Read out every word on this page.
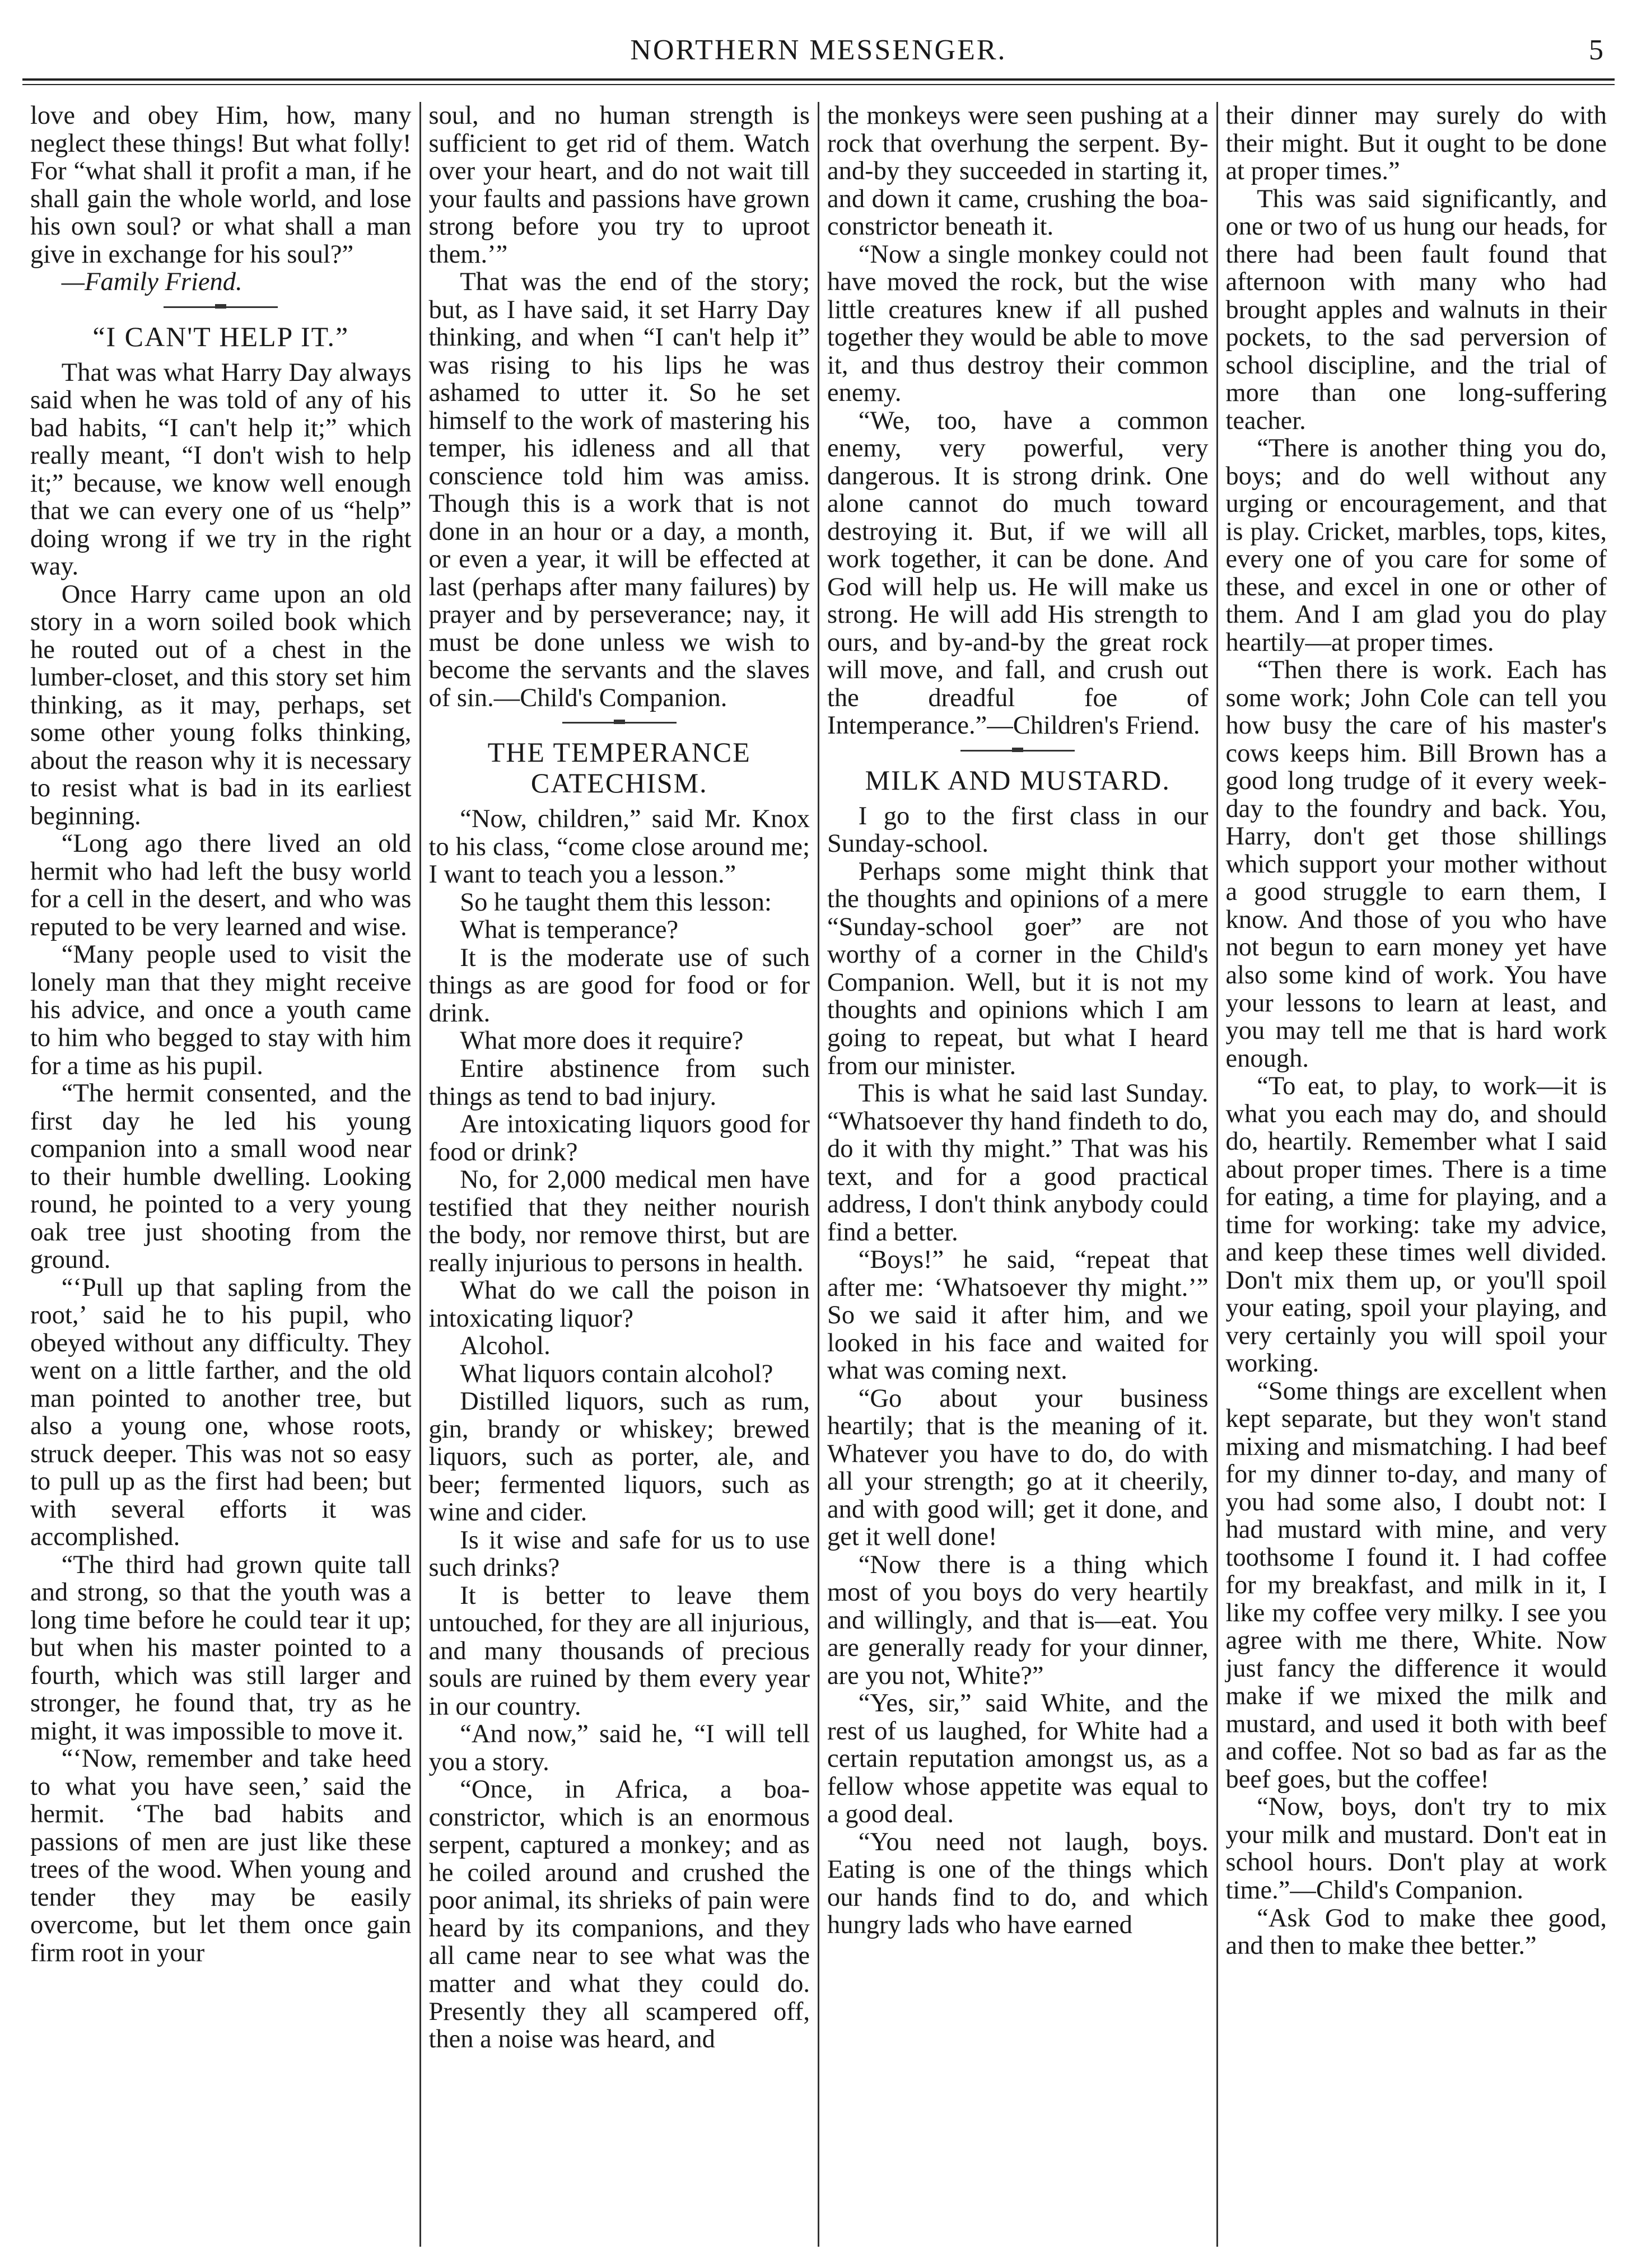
NORTHERN MESSENGER.	5

love and obey Him, how, many neglect these things! But what folly! For “what shall it profit a man, if he shall gain the whole world, and lose his own soul? or what shall a man give in exchange for his soul?”

—Family Friend.

“I CAN'T HELP IT.”

That was what Harry Day always said when he was told of any of his bad habits, “I can't help it;” which really meant, “I don't wish to help it;” because, we know well enough that we can every one of us “help” doing wrong if we try in the right way.

Once Harry came upon an old story in a worn soiled book which he routed out of a chest in the lumber-closet, and this story set him thinking, as it may, perhaps, set some other young folks thinking, about the reason why it is necessary to resist what is bad in its earliest beginning.

“Long ago there lived an old hermit who had left the busy world for a cell in the desert, and who was reputed to be very learned and wise.

“Many people used to visit the lonely man that they might receive his advice, and once a youth came to him who begged to stay with him for a time as his pupil.

“The hermit consented, and the first day he led his young companion into a small wood near to their humble dwelling. Looking round, he pointed to a very young oak tree just shooting from the ground.

“‘Pull up that sapling from the root,’ said he to his pupil, who obeyed without any difficulty. They went on a little farther, and the old man pointed to another tree, but also a young one, whose roots, struck deeper. This was not so easy to pull up as the first had been; but with several efforts it was accomplished.

“The third had grown quite tall and strong, so that the youth was a long time before he could tear it up; but when his master pointed to a fourth, which was still larger and stronger, he found that, try as he might, it was impossible to move it.

“‘Now, remember and take heed to what you have seen,’ said the hermit. ‘The bad habits and passions of men are just like these trees of the wood. When young and tender they may be easily overcome, but let them once gain firm root in your

soul, and no human strength is sufficient to get rid of them. Watch over your heart, and do not wait till your faults and passions have grown strong before you try to uproot them.’”

That was the end of the story; but, as I have said, it set Harry Day thinking, and when “I can't help it” was rising to his lips he was ashamed to utter it. So he set himself to the work of mastering his temper, his idleness and all that conscience told him was amiss. Though this is a work that is not done in an hour or a day, a month, or even a year, it will be effected at last (perhaps after many failures) by prayer and by perseverance; nay, it must be done unless we wish to become the servants and the slaves of sin.—Child's Companion.

THE TEMPERANCE CATECHISM.

“Now, children,” said Mr. Knox to his class, “come close around me; I want to teach you a lesson.”

So he taught them this lesson:

What is temperance?

It is the moderate use of such things as are good for food or for drink.

What more does it require?

Entire abstinence from such things as tend to bad injury.

Are intoxicating liquors good for food or drink?

No, for 2,000 medical men have testified that they neither nourish the body, nor remove thirst, but are really injurious to persons in health.

What do we call the poison in intoxicating liquor?

Alcohol.

What liquors contain alcohol?

Distilled liquors, such as rum, gin, brandy or whiskey; brewed liquors, such as porter, ale, and beer; fermented liquors, such as wine and cider.

Is it wise and safe for us to use such drinks?

It is better to leave them untouched, for they are all injurious, and many thousands of precious souls are ruined by them every year in our country.

“And now,” said he, “I will tell you a story.

“Once, in Africa, a boa-constrictor, which is an enormous serpent, captured a monkey; and as he coiled around and crushed the poor animal, its shrieks of pain were heard by its companions, and they all came near to see what was the matter and what they could do. Presently they all scampered off, then a noise was heard, and

the monkeys were seen pushing at a rock that overhung the serpent. By-and-by they succeeded in starting it, and down it came, crushing the boa-constrictor beneath it.

“Now a single monkey could not have moved the rock, but the wise little creatures knew if all pushed together they would be able to move it, and thus destroy their common enemy.

“We, too, have a common enemy, very powerful, very dangerous. It is strong drink. One alone cannot do much toward destroying it. But, if we will all work together, it can be done. And God will help us. He will make us strong. He will add His strength to ours, and by-and-by the great rock will move, and fall, and crush out the dreadful foe of Intemperance.”—Children's Friend.

MILK AND MUSTARD.

I go to the first class in our Sunday-school.

Perhaps some might think that the thoughts and opinions of a mere “Sunday-school goer” are not worthy of a corner in the Child's Companion. Well, but it is not my thoughts and opinions which I am going to repeat, but what I heard from our minister.

This is what he said last Sunday. “Whatsoever thy hand findeth to do, do it with thy might.” That was his text, and for a good practical address, I don't think anybody could find a better.

“Boys!” he said, “repeat that after me: ‘Whatsoever thy might.’” So we said it after him, and we looked in his face and waited for what was coming next.

“Go about your business heartily; that is the meaning of it. Whatever you have to do, do with all your strength; go at it cheerily, and with good will; get it done, and get it well done!

“Now there is a thing which most of you boys do very heartily and willingly, and that is—eat. You are generally ready for your dinner, are you not, White?”

“Yes, sir,” said White, and the rest of us laughed, for White had a certain reputation amongst us, as a fellow whose appetite was equal to a good deal.

“You need not laugh, boys. Eating is one of the things which our hands find to do, and which hungry lads who have earned

their dinner may surely do with their might. But it ought to be done at proper times.”

This was said significantly, and one or two of us hung our heads, for there had been fault found that afternoon with many who had brought apples and walnuts in their pockets, to the sad perversion of school discipline, and the trial of more than one long-suffering teacher.

“There is another thing you do, boys; and do well without any urging or encouragement, and that is play. Cricket, marbles, tops, kites, every one of you care for some of these, and excel in one or other of them. And I am glad you do play heartily—at proper times.

“Then there is work. Each has some work; John Cole can tell you how busy the care of his master's cows keeps him. Bill Brown has a good long trudge of it every week-day to the foundry and back. You, Harry, don't get those shillings which support your mother without a good struggle to earn them, I know. And those of you who have not begun to earn money yet have also some kind of work. You have your lessons to learn at least, and you may tell me that is hard work enough.

“To eat, to play, to work—it is what you each may do, and should do, heartily. Remember what I said about proper times. There is a time for eating, a time for playing, and a time for working: take my advice, and keep these times well divided. Don't mix them up, or you'll spoil your eating, spoil your playing, and very certainly you will spoil your working.

“Some things are excellent when kept separate, but they won't stand mixing and mismatching. I had beef for my dinner to-day, and many of you had some also, I doubt not: I had mustard with mine, and very toothsome I found it. I had coffee for my breakfast, and milk in it, I like my coffee very milky. I see you agree with me there, White. Now just fancy the difference it would make if we mixed the milk and mustard, and used it both with beef and coffee. Not so bad as far as the beef goes, but the coffee!

“Now, boys, don't try to mix your milk and mustard. Don't eat in school hours. Don't play at work time.”—Child's Companion.

“Ask God to make thee good, and then to make thee better.”
